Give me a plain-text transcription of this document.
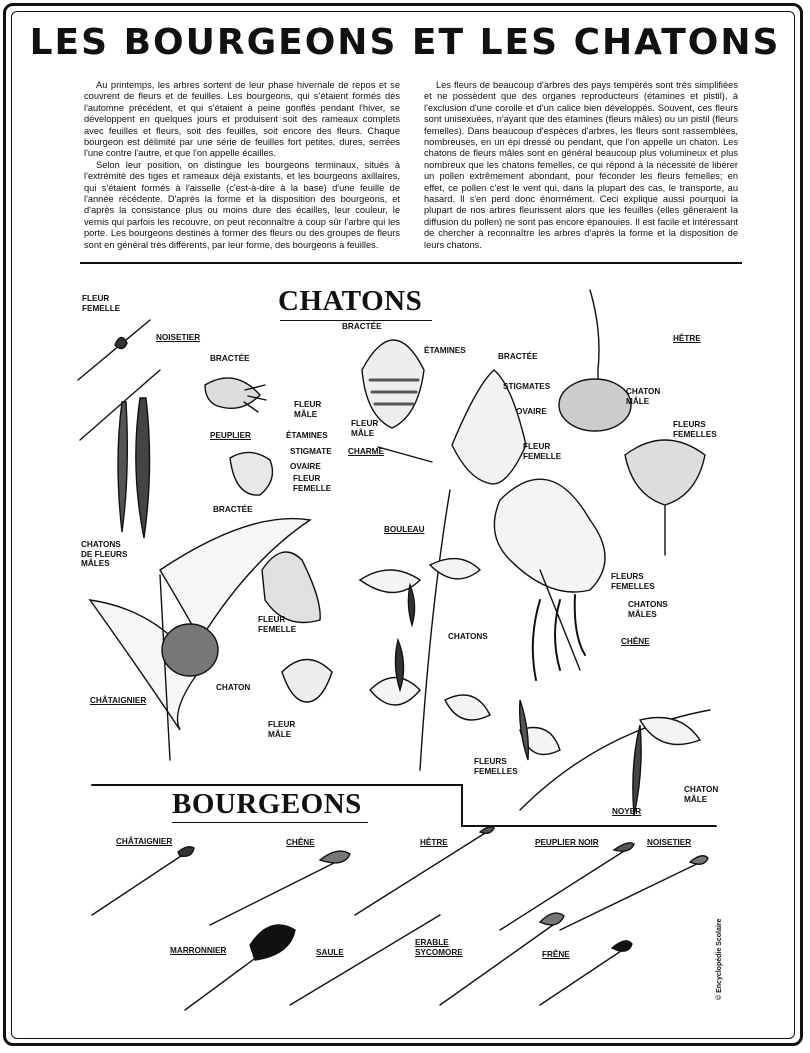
LES BOURGEONS ET LES CHATONS

Au printemps, les arbres sortent de leur phase hivernale de repos et se couvrent de fleurs et de feuilles. Les bourgeons, qui s'étaient formés dès l'automne précédent, et qui s'étaient à peine gonflés pendant l'hiver, se développent en quelques jours et produisent soit des rameaux complets avec feuilles et fleurs, soit des feuilles, soit encore des fleurs. Chaque bourgeon est délimité par une série de feuilles fort petites, dures, serrées l'une contre l'autre, et que l'on appelle écailles.

Selon leur position, on distingue les bourgeons terminaux, situés à l'extrémité des tiges et rameaux déjà existants, et les bourgeons axillaires, qui s'étaient formés à l'aisselle (c'est-à-dire à la base) d'une feuille de l'année récédente. D'après la forme et la disposition des bourgeons, et d'après la consistance plus ou moins dure des écailles, leur couleur, le vernis qui parfois les recouvre, on peut reconnaître à coup sûr l'arbre qui les porte. Les bourgeons destinés à former des fleurs ou des groupes de fleurs sont en général très différents, par leur forme, des bourgeons à feuilles.

Les fleurs de beaucoup d'arbres des pays tempérés sont très simplifiées et ne possèdent que des organes reproducteurs (étamines et pistil), à l'exclusion d'une corolle et d'un calice bien développés. Souvent, ces fleurs sont unisexuées, n'ayant que des étamines (fleurs mâles) ou un pistil (fleurs femelles). Dans beaucoup d'espèces d'arbres, les fleurs sont rassemblées, nombreuses, en un épi dressé ou pendant, que l'on appelle un chaton. Les chatons de fleurs mâles sont en général beaucoup plus volumineux et plus nombreux que les chatons femelles, ce qui répond à la nécessité de libérer un pollen extrêmement abondant, pour féconder les fleurs femelles; en effet, ce pollen c'est le vent qui, dans la plupart des cas, le transporte, au hasard. Il s'en perd donc énormément. Ceci explique aussi pourquoi la plupart de nos arbres fleurissent alors que les feuilles (elles gêneraient la diffusion du pollen) ne sont pas encore épanouies. Il est facile et intéressant de chercher à reconnaître les arbres d'après la forme et la disposition de leurs chatons.

CHATONS
FLEUR
FEMELLE
NOISETIER
CHATONS
DE FLEURS
MÂLES
BRACTÉE
FLEUR
MÂLE
PEUPLIER	ÉTAMINES
STIGMATE
OVAIRE
FLEUR
FEMELLE
BRACTÉE
BRACTÉE
ÉTAMINES
FLEUR
MÂLE
CHARME
BRACTÉE
STIGMATES
OVAIRE
FLEUR
FEMELLE
HÊTRE
CHATON
MÂLE
FLEURS
FEMELLES
BOULEAU
CHATONS
FLEURS
FEMELLES
CHATONS
MÂLES
CHÊNE
FLEUR
FEMELLE
CHÂTAIGNIER
CHATON
FLEUR
MÂLE
FLEURS
FEMELLES
NOYER
CHATON
MÂLE
BOURGEONS
CHÂTAIGNIER	CHÊNE	HÊTRE	PEUPLIER NOIR	NOISETIER
MARRONNIER	SAULE
ERABLE
SYCOMORE	FRÊNE	© Encyclopédie Scolaire
